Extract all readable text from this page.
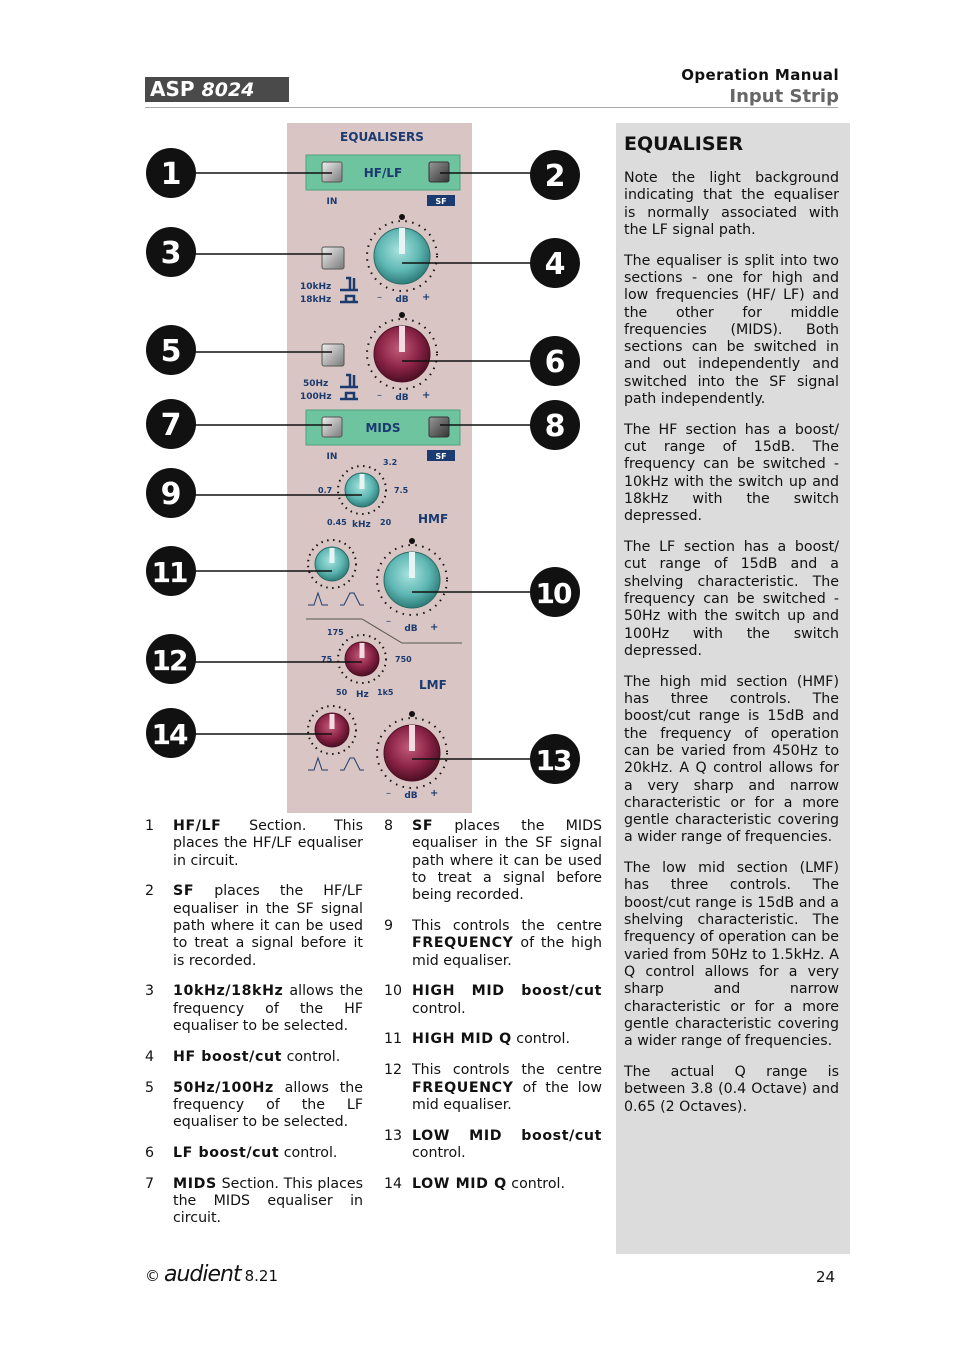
ASP 8024
Operation Manual
Input Strip
EQUALISERS
HF/LF
IN	SF
10kHz
18kHz	– dB +
50Hz
100Hz	– dB +
MIDS
IN	SF
0.7
3.2
7.5
0.45 kHz 20 HMF
–
dB +
175
75	750
50 Hz 1k5
LMF
– dB +
1	2
3	4
5	6
7	8
9
10
11
12
13
14
EQUALISER

Note the light background indicating that the equaliser is normally associated with the LF signal path.

The equaliser is split into two sections - one for high and low frequencies (HF/ LF) and the other for middle frequencies (MIDS). Both sections can be switched in and out independently and switched into the SF signal path independently.

The HF section has a boost/ cut range of 15dB. The frequency can be switched - 10kHz with the switch up and 18kHz with the switch depressed.

The LF section has a boost/ cut range of 15dB and a shelving characteristic. The frequency can be switched - 50Hz with the switch up and 100Hz with the switch depressed.

The high mid section (HMF) has three controls. The boost/cut range is 15dB and the frequency of operation can be varied from 450Hz to 20kHz. A Q control allows for a very sharp and narrow characteristic or for a more gentle characteristic covering a wider range of frequencies.

The low mid section (LMF) has three controls. The boost/cut range is 15dB and a shelving characteristic. The frequency of operation can be varied from 50Hz to 1.5kHz. A Q control allows for a very sharp and narrow characteristic or for a more gentle characteristic covering a wider range of frequencies.

The actual Q range is between 3.8 (0.4 Octave) and 0.65 (2 Octaves).

1 HF/LF Section. This places the HF/LF equaliser in circuit.
2 SF places the HF/LF equaliser in the SF signal path where it can be used to treat a signal before it is recorded.
3 10kHz/18kHz allows the frequency of the HF equaliser to be selected.
4 HF boost/cut control.
5 50Hz/100Hz allows the frequency of the LF equaliser to be selected.
6 LF boost/cut control.
7 MIDS Section. This places the MIDS equaliser in circuit.
8 SF places the MIDS equaliser in the SF signal path where it can be used to treat a signal before being recorded.
9 This controls the centre FREQUENCY of the high mid equaliser.
10 HIGH MID boost/cut control.
11 HIGH MID Q control.
12 This controls the centre FREQUENCY of the low mid equaliser.
13 LOW MID boost/cut control.
14 LOW MID Q control.
© audient 8.21	24
